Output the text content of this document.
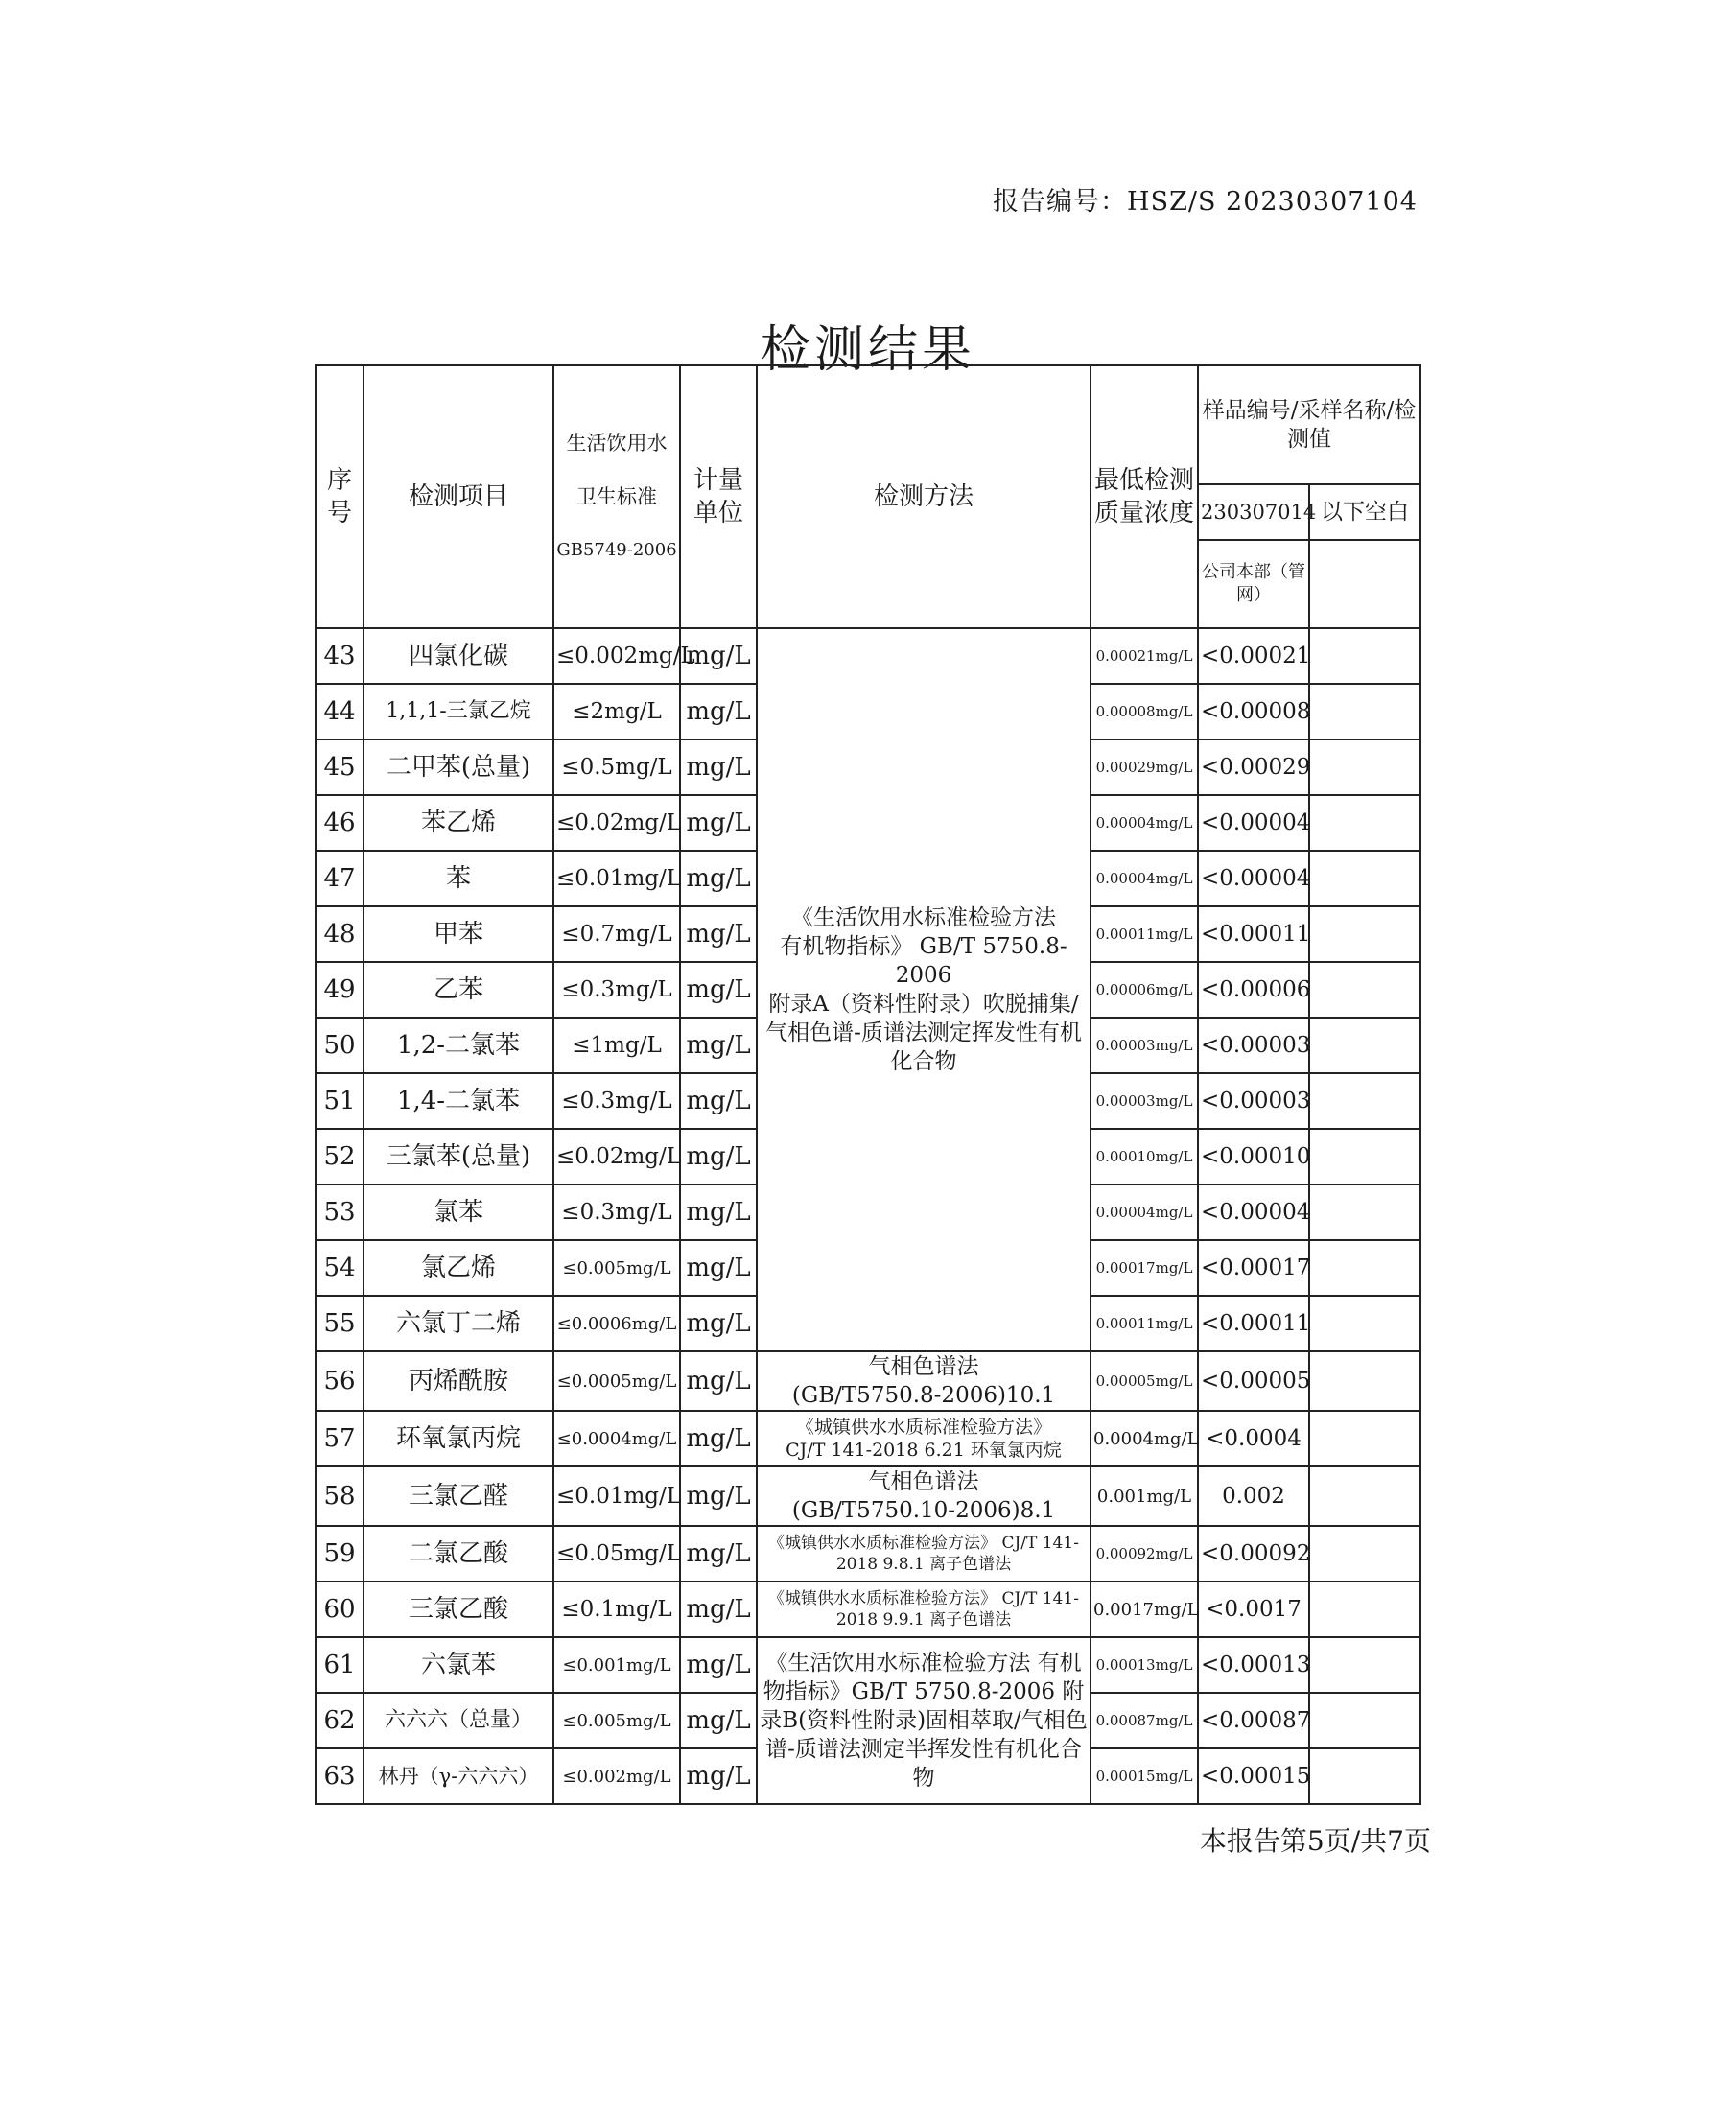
报告编号：HSZ/S 20230307104
检测结果
序号	检测项目	生活饮用水
卫生标准
GB5749-2006	计量单位	检测方法	最低检测质量浓度	样品编号/采样名称/检测值	
						230307014	以下空白
						公司本部（管网）	
43	四氯化碳	≤0.002mg/L	mg/L	《生活饮用水标准检验方法
有机物指标》 GB/T 5750.8-2006
附录A（资料性附录）吹脱捕集/气相色谱-质谱法测定挥发性有机化合物	0.00021mg/L	<0.00021	
44	1,1,1-三氯乙烷	≤2mg/L	mg/L		0.00008mg/L	<0.00008	
45	二甲苯(总量)	≤0.5mg/L	mg/L		0.00029mg/L	<0.00029	
46	苯乙烯	≤0.02mg/L	mg/L		0.00004mg/L	<0.00004	
47	苯	≤0.01mg/L	mg/L		0.00004mg/L	<0.00004	
48	甲苯	≤0.7mg/L	mg/L		0.00011mg/L	<0.00011	
49	乙苯	≤0.3mg/L	mg/L		0.00006mg/L	<0.00006	
50	1,2-二氯苯	≤1mg/L	mg/L		0.00003mg/L	<0.00003	
51	1,4-二氯苯	≤0.3mg/L	mg/L		0.00003mg/L	<0.00003	
52	三氯苯(总量)	≤0.02mg/L	mg/L		0.00010mg/L	<0.00010	
53	氯苯	≤0.3mg/L	mg/L		0.00004mg/L	<0.00004	
54	氯乙烯	≤0.005mg/L	mg/L		0.00017mg/L	<0.00017	
55	六氯丁二烯	≤0.0006mg/L	mg/L		0.00011mg/L	<0.00011	
56	丙烯酰胺	≤0.0005mg/L	mg/L	气相色谱法
(GB/T5750.8-2006)10.1	0.00005mg/L	<0.00005	
57	环氧氯丙烷	≤0.0004mg/L	mg/L	《城镇供水水质标准检验方法》
CJ/T 141-2018 6.21 环氧氯丙烷	0.0004mg/L	<0.0004	
58	三氯乙醛	≤0.01mg/L	mg/L	气相色谱法
(GB/T5750.10-2006)8.1	0.001mg/L	0.002	
59	二氯乙酸	≤0.05mg/L	mg/L	《城镇供水水质标准检验方法》 CJ/T 141-2018 9.8.1 离子色谱法	0.00092mg/L	<0.00092	
60	三氯乙酸	≤0.1mg/L	mg/L	《城镇供水水质标准检验方法》 CJ/T 141-2018 9.9.1 离子色谱法	0.0017mg/L	<0.0017	
61	六氯苯	≤0.001mg/L	mg/L	《生活饮用水标准检验方法 有机物指标》GB/T 5750.8-2006 附录B(资料性附录)固相萃取/气相色谱-质谱法测定半挥发性有机化合物	0.00013mg/L	<0.00013	
62	六六六（总量）	≤0.005mg/L	mg/L		0.00087mg/L	<0.00087	
63	林丹（γ-六六六）	≤0.002mg/L	mg/L		0.00015mg/L	<0.00015	
本报告第5页/共7页
